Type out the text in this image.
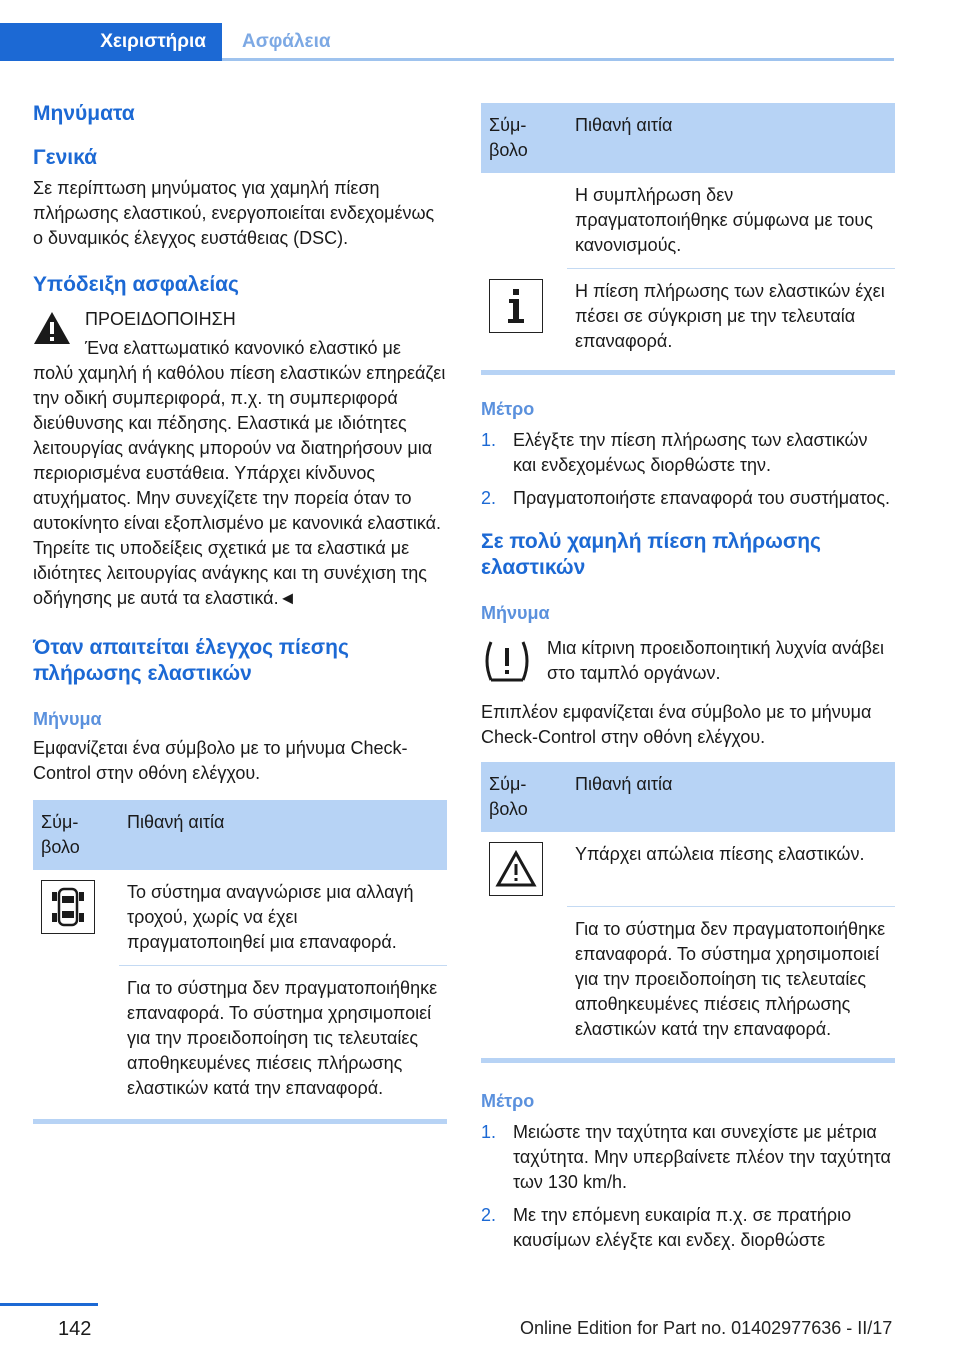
Χειριστήρια	Ασφάλεια
Μηνύματα
Γενικά

Σε περίπτωση μηνύματος για χαμηλή πίεση πλήρωσης ελαστικού, ενεργοποιείται ενδεχομένως ο δυναμικός έλεγχος ευστάθειας (DSC).

Υπόδειξη ασφαλείας

ΠΡΟΕΙΔΟΠΟΙΗΣΗ

Ένα ελαττωματικό κανονικό ελαστικό με

πολύ χαμηλή ή καθόλου πίεση ελαστικών επηρεάζει την οδική συμπεριφορά, π.χ. τη συμπεριφορά διεύθυνσης και πέδησης. Ελαστικά με ιδιότητες λειτουργίας ανάγκης μπορούν να διατηρήσουν μια περιορισμένα ευστάθεια. Υπάρχει κίνδυνος ατυχήματος. Μην συνεχίζετε την πορεία όταν το αυτοκίνητο είναι εξοπλισμένο με κανονικά ελαστικά. Τηρείτε τις υποδείξεις σχετικά με τα ελαστικά με ιδιότητες λειτουργίας ανάγκης και τη συνέχιση της οδήγησης με αυτά τα ελαστικά.◄

Όταν απαιτείται έλεγχος πίεσης πλήρωσης ελαστικών
Μήνυμα

Εμφανίζεται ένα σύμβολο με το μήνυμα Check-Control στην οθόνη ελέγχου.

Σύμ-βολο	Πιθανή αιτία

	Το σύστημα αναγνώρισε μια αλλαγή τροχού, χωρίς να έχει πραγματοποιηθεί μια επαναφορά.
	Για το σύστημα δεν πραγματοποιήθηκε επαναφορά. Το σύστημα χρησιμοποιεί για την προειδοποίηση τις τελευταίες αποθηκευμένες πιέσεις πλήρωσης ελαστικών κατά την επαναφορά.
Σύμ-βολο	Πιθανή αιτία
	Η συμπλήρωση δεν πραγματοποιήθηκε σύμφωνα με τους κανονισμούς.

	Η πίεση πλήρωσης των ελαστικών έχει πέσει σε σύγκριση με την τελευταία επαναφορά.
Μέτρο
1. Ελέγξτε την πίεση πλήρωσης των ελαστικών και ενδεχομένως διορθώστε την.
2. Πραγματοποιήστε επαναφορά του συστήματος.
Σε πολύ χαμηλή πίεση πλήρωσης ελαστικών
Μήνυμα

Μια κίτρινη προειδοποιητική λυχνία ανάβει στο ταμπλό οργάνων.

Επιπλέον εμφανίζεται ένα σύμβολο με το μήνυμα Check-Control στην οθόνη ελέγχου.

Σύμ-βολο	Πιθανή αιτία

	Υπάρχει απώλεια πίεσης ελαστικών.
	Για το σύστημα δεν πραγματοποιήθηκε επαναφορά. Το σύστημα χρησιμοποιεί για την προειδοποίηση τις τελευταίες αποθηκευμένες πιέσεις πλήρωσης ελαστικών κατά την επαναφορά.
Μέτρο
1. Μειώστε την ταχύτητα και συνεχίστε με μέτρια ταχύτητα. Μην υπερβαίνετε πλέον την ταχύτητα των 130 km/h.
2. Με την επόμενη ευκαιρία π.χ. σε πρατήριο καυσίμων ελέγξτε και ενδεχ. διορθώστε
142	Online Edition for Part no. 01402977636 - II/17
